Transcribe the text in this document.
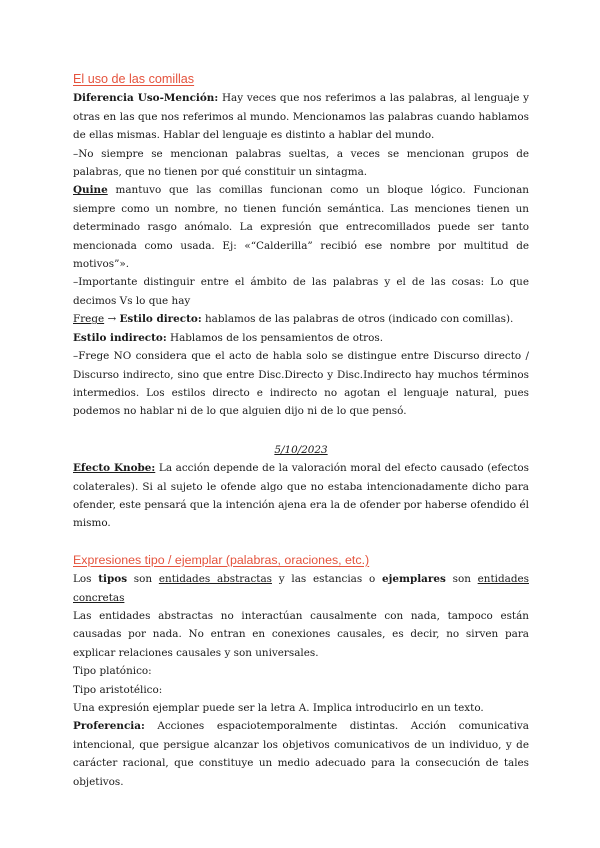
El uso de las comillas

Diferencia Uso-Mención: Hay veces que nos referimos a las palabras, al lenguaje y otras en las que nos referimos al mundo. Mencionamos las palabras cuando hablamos de ellas mismas. Hablar del lenguaje es distinto a hablar del mundo.

–No siempre se mencionan palabras sueltas, a veces se mencionan grupos de palabras, que no tienen por qué constituir un sintagma.

Quine mantuvo que las comillas funcionan como un bloque lógico. Funcionan siempre como un nombre, no tienen función semántica. Las menciones tienen un determinado rasgo anómalo. La expresión que entrecomillados puede ser tanto mencionada como usada. Ej: «“Calderilla” recibió ese nombre por multitud de motivos”».

–Importante distinguir entre el ámbito de las palabras y el de las cosas: Lo que decimos Vs lo que hay

Frege → Estilo directo: hablamos de las palabras de otros (indicado con comillas).

Estilo indirecto: Hablamos de los pensamientos de otros.

–Frege NO considera que el acto de habla solo se distingue entre Discurso directo / Discurso indirecto, sino que entre Disc.Directo y Disc.Indirecto hay muchos términos intermedios. Los estilos directo e indirecto no agotan el lenguaje natural, pues podemos no hablar ni de lo que alguien dijo ni de lo que pensó.

5/10/2023

Efecto Knobe: La acción depende de la valoración moral del efecto causado (efectos colaterales). Si al sujeto le ofende algo que no estaba intencionadamente dicho para ofender, este pensará que la intención ajena era la de ofender por haberse ofendido él mismo.

Expresiones tipo / ejemplar (palabras, oraciones, etc.)

Los tipos son entidades abstractas y las estancias o ejemplares son entidades concretas

Las entidades abstractas no interactúan causalmente con nada, tampoco están causadas por nada. No entran en conexiones causales, es decir, no sirven para explicar relaciones causales y son universales.

Tipo platónico:

Tipo aristotélico:

Una expresión ejemplar puede ser la letra A. Implica introducirlo en un texto.

Proferencia: Acciones espaciotemporalmente distintas. Acción comunicativa intencional, que persigue alcanzar los objetivos comunicativos de un individuo, y de carácter racional, que constituye un medio adecuado para la consecución de tales objetivos.
